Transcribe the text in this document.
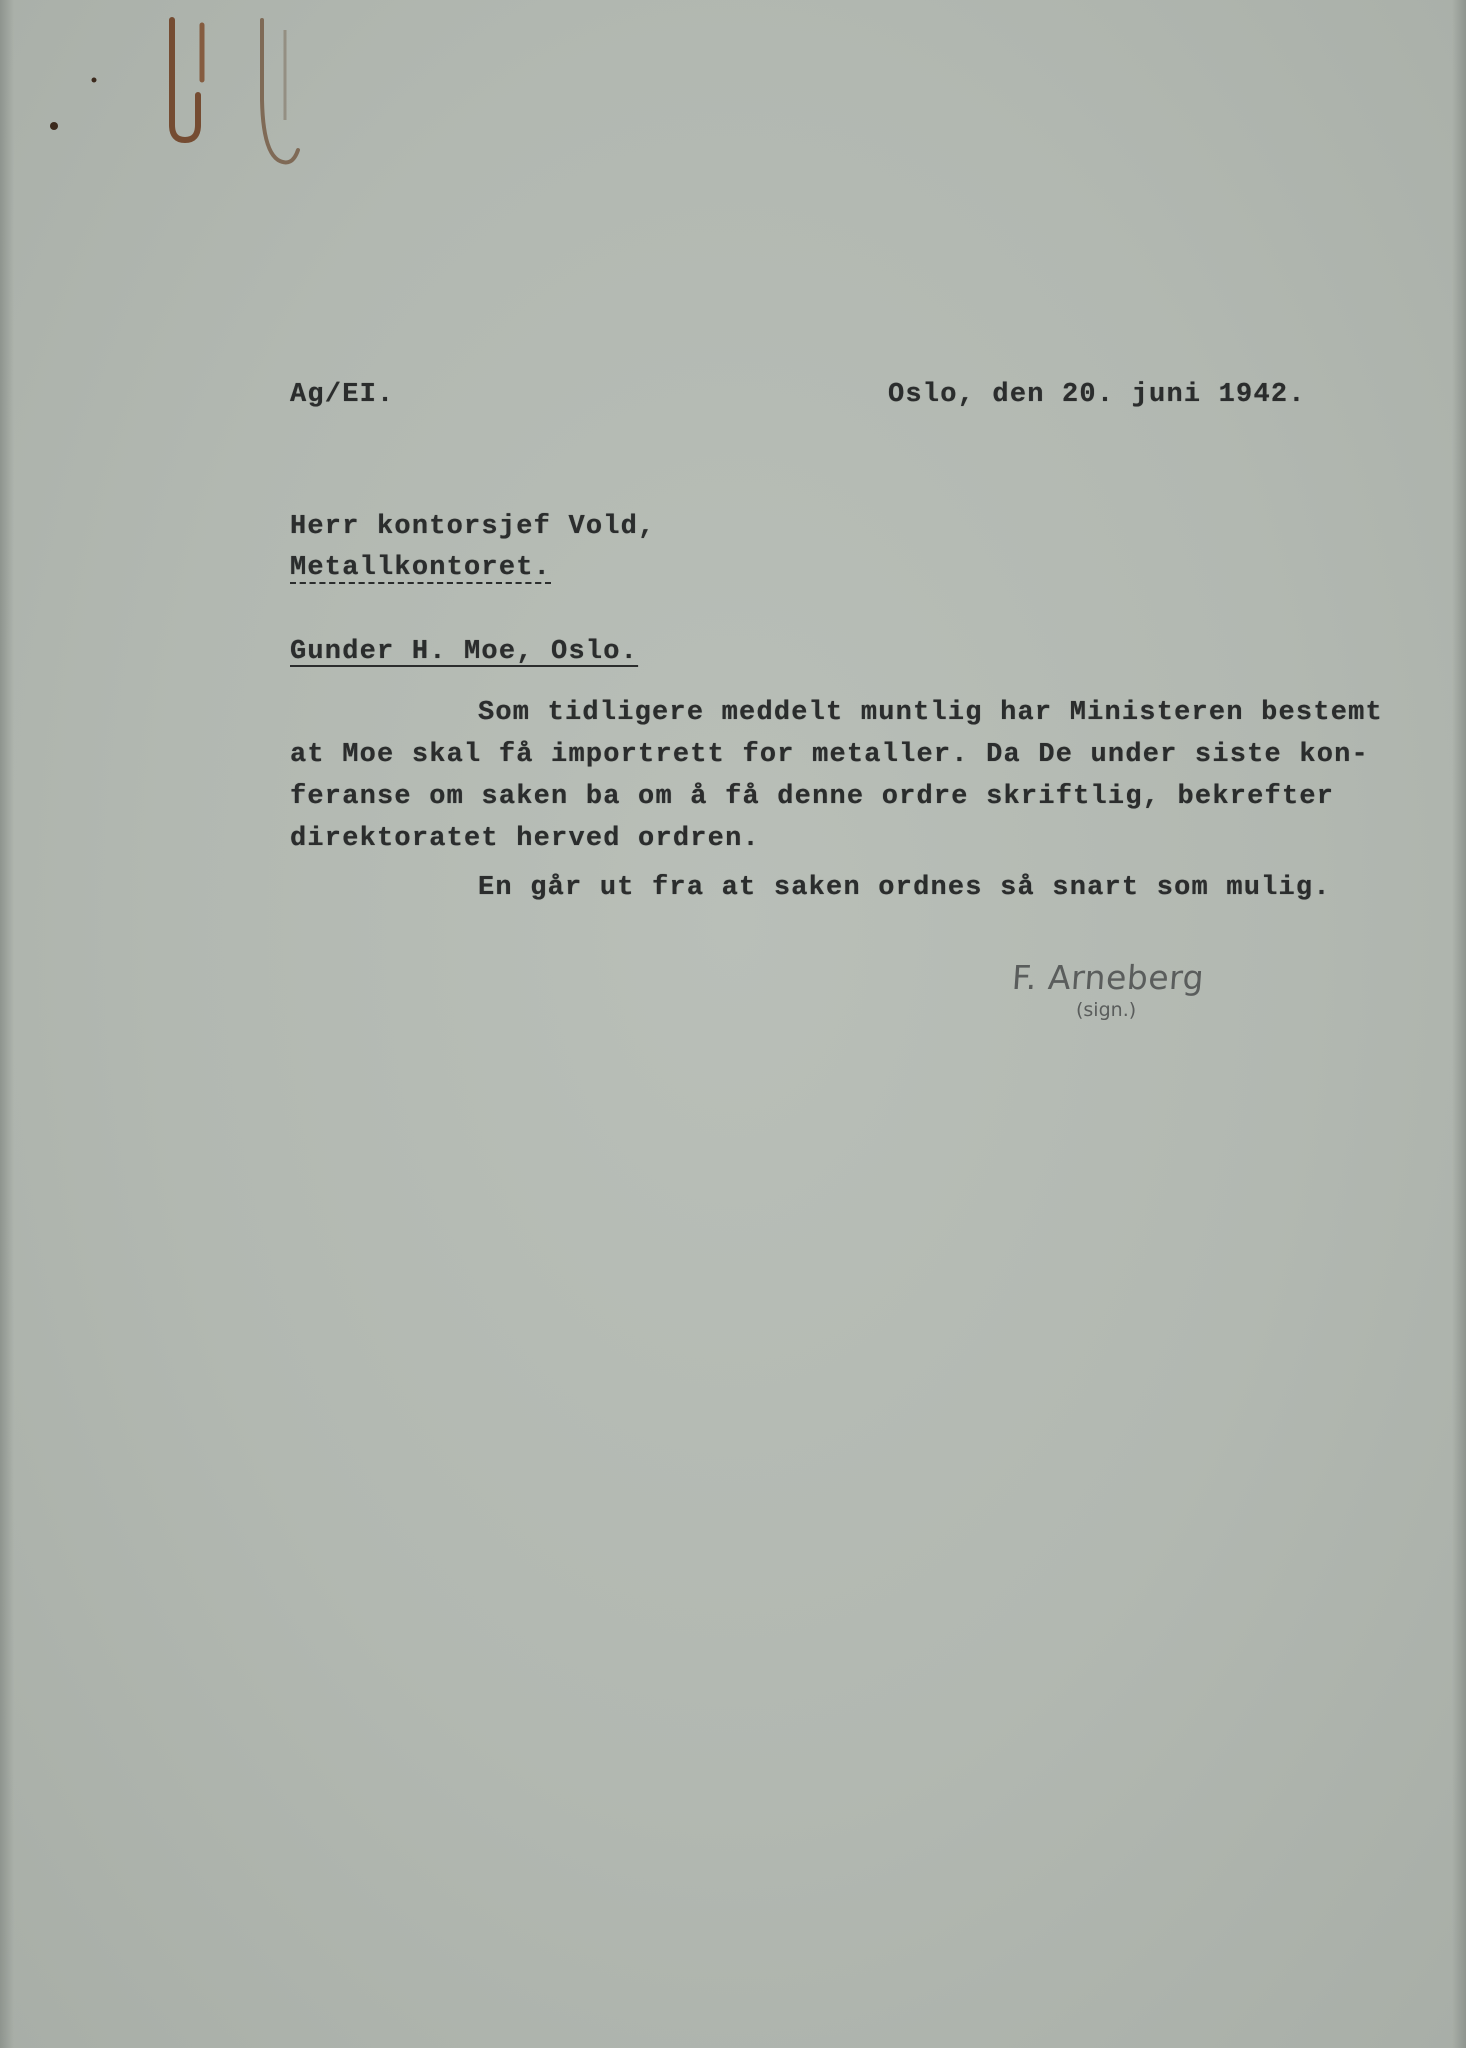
Ag/EI.	Oslo, den 20. juni 1942.
Herr kontorsjef Vold,
Metallkontoret.
Gunder H. Moe, Oslo.
Som tidligere meddelt muntlig har Ministeren bestemt
at Moe skal få importrett for metaller. Da De under siste kon-
feranse om saken ba om å få denne ordre skriftlig, bekrefter
direktoratet herved ordren.
En går ut fra at saken ordnes så snart som mulig.
F. Arneberg
(sign.)
